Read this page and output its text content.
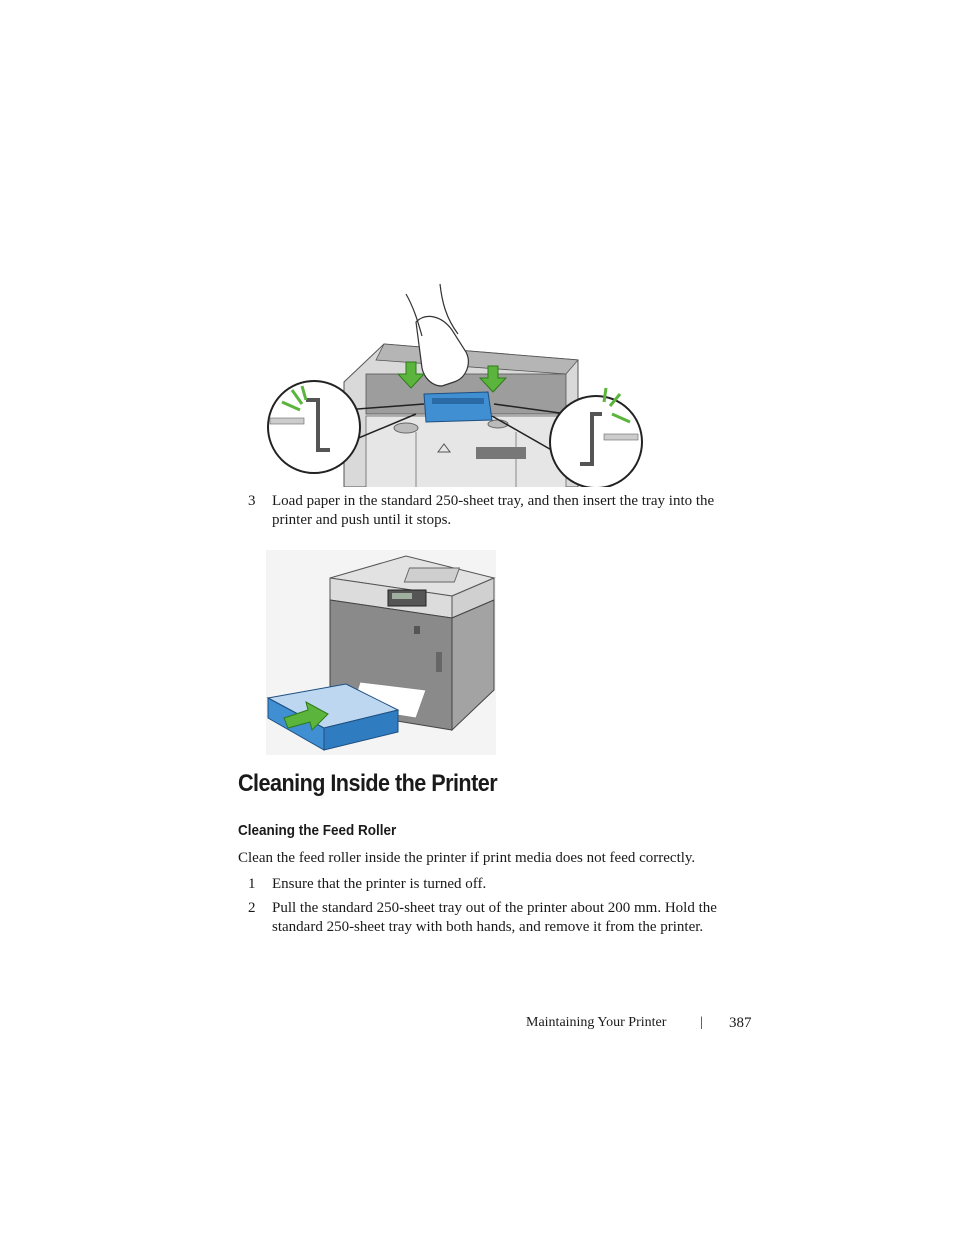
3 Load paper in the standard 250-sheet tray, and then insert the tray into the printer and push until it stops.
Cleaning Inside the Printer
Cleaning the Feed Roller
Clean the feed roller inside the printer if print media does not feed correctly.
1 Ensure that the printer is turned off.
2 Pull the standard 250-sheet tray out of the printer about 200 mm. Hold the standard 250-sheet tray with both hands, and remove it from the printer.
Maintaining Your Printer | 387
